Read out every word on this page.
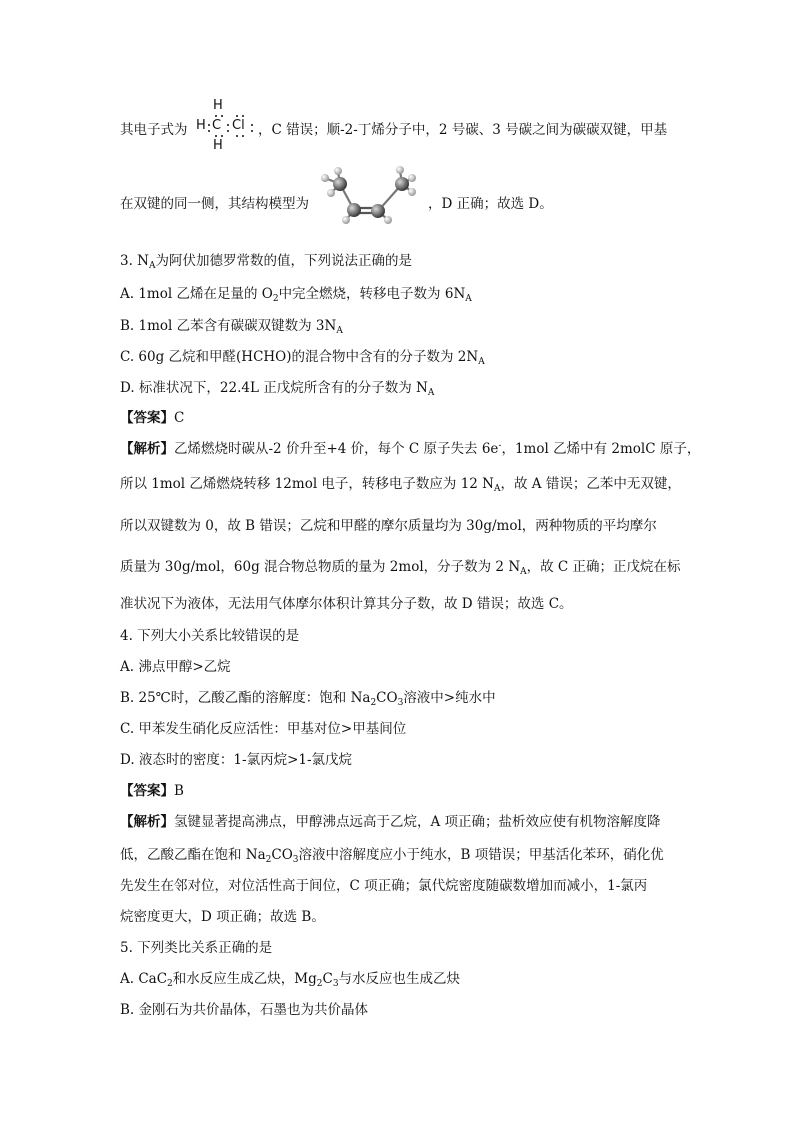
其电子式为
H
H C Cl
H
，C 错误；顺-2-丁烯分子中，2 号碳、3 号碳之间为碳碳双键，甲基
在双键的同一侧，其结构模型为	，D 正确；故选 D。
3. $N_A$为阿伏加德罗常数的值，下列说法正确的是
A. 1mol 乙烯在足量的 $O_2$中完全燃烧，转移电子数为 $6N_A$
B. 1mol 乙苯含有碳碳双键数为 $3N_A$
C. 60g 乙烷和甲醛(HCHO)的混合物中含有的分子数为 $2N_A$
D. 标准状况下，22.4L 正戊烷所含有的分子数为 $N_A$
【答案】C
【解析】乙烯燃烧时碳从-2 价升至+4 价，每个 C 原子失去 6e-，1mol 乙烯中有 2molC 原子，
所以 1mol 乙烯燃烧转移 12mol 电子，转移电子数应为 12 $N_A$，故 A 错误；乙苯中无双键，
所以双键数为 0，故 B 错误；乙烷和甲醛的摩尔质量均为 30g/mol，两种物质的平均摩尔
质量为 30g/mol，60g 混合物总物质的量为 2mol，分子数为 2 $N_A$，故 C 正确；正戊烷在标
准状况下为液体，无法用气体摩尔体积计算其分子数，故 D 错误；故选 C。
4. 下列大小关系比较错误的是
A. 沸点甲醇>乙烷
B. 25℃时，乙酸乙酯的溶解度：饱和 $Na_2CO_3$溶液中>纯水中
C. 甲苯发生硝化反应活性：甲基对位>甲基间位
D. 液态时的密度：1-氯丙烷>1-氯戊烷
【答案】B
【解析】氢键显著提高沸点，甲醇沸点远高于乙烷，A 项正确；盐析效应使有机物溶解度降
低，乙酸乙酯在饱和 $Na_2CO_3$溶液中溶解度应小于纯水，B 项错误；甲基活化苯环，硝化优
先发生在邻对位，对位活性高于间位，C 项正确；氯代烷密度随碳数增加而减小，1-氯丙
烷密度更大，D 项正确；故选 B。
5. 下列类比关系正确的是
A. CaC$_2$和水反应生成乙炔，$Mg_2C_3$与水反应也生成乙炔
B. 金刚石为共价晶体，石墨也为共价晶体
